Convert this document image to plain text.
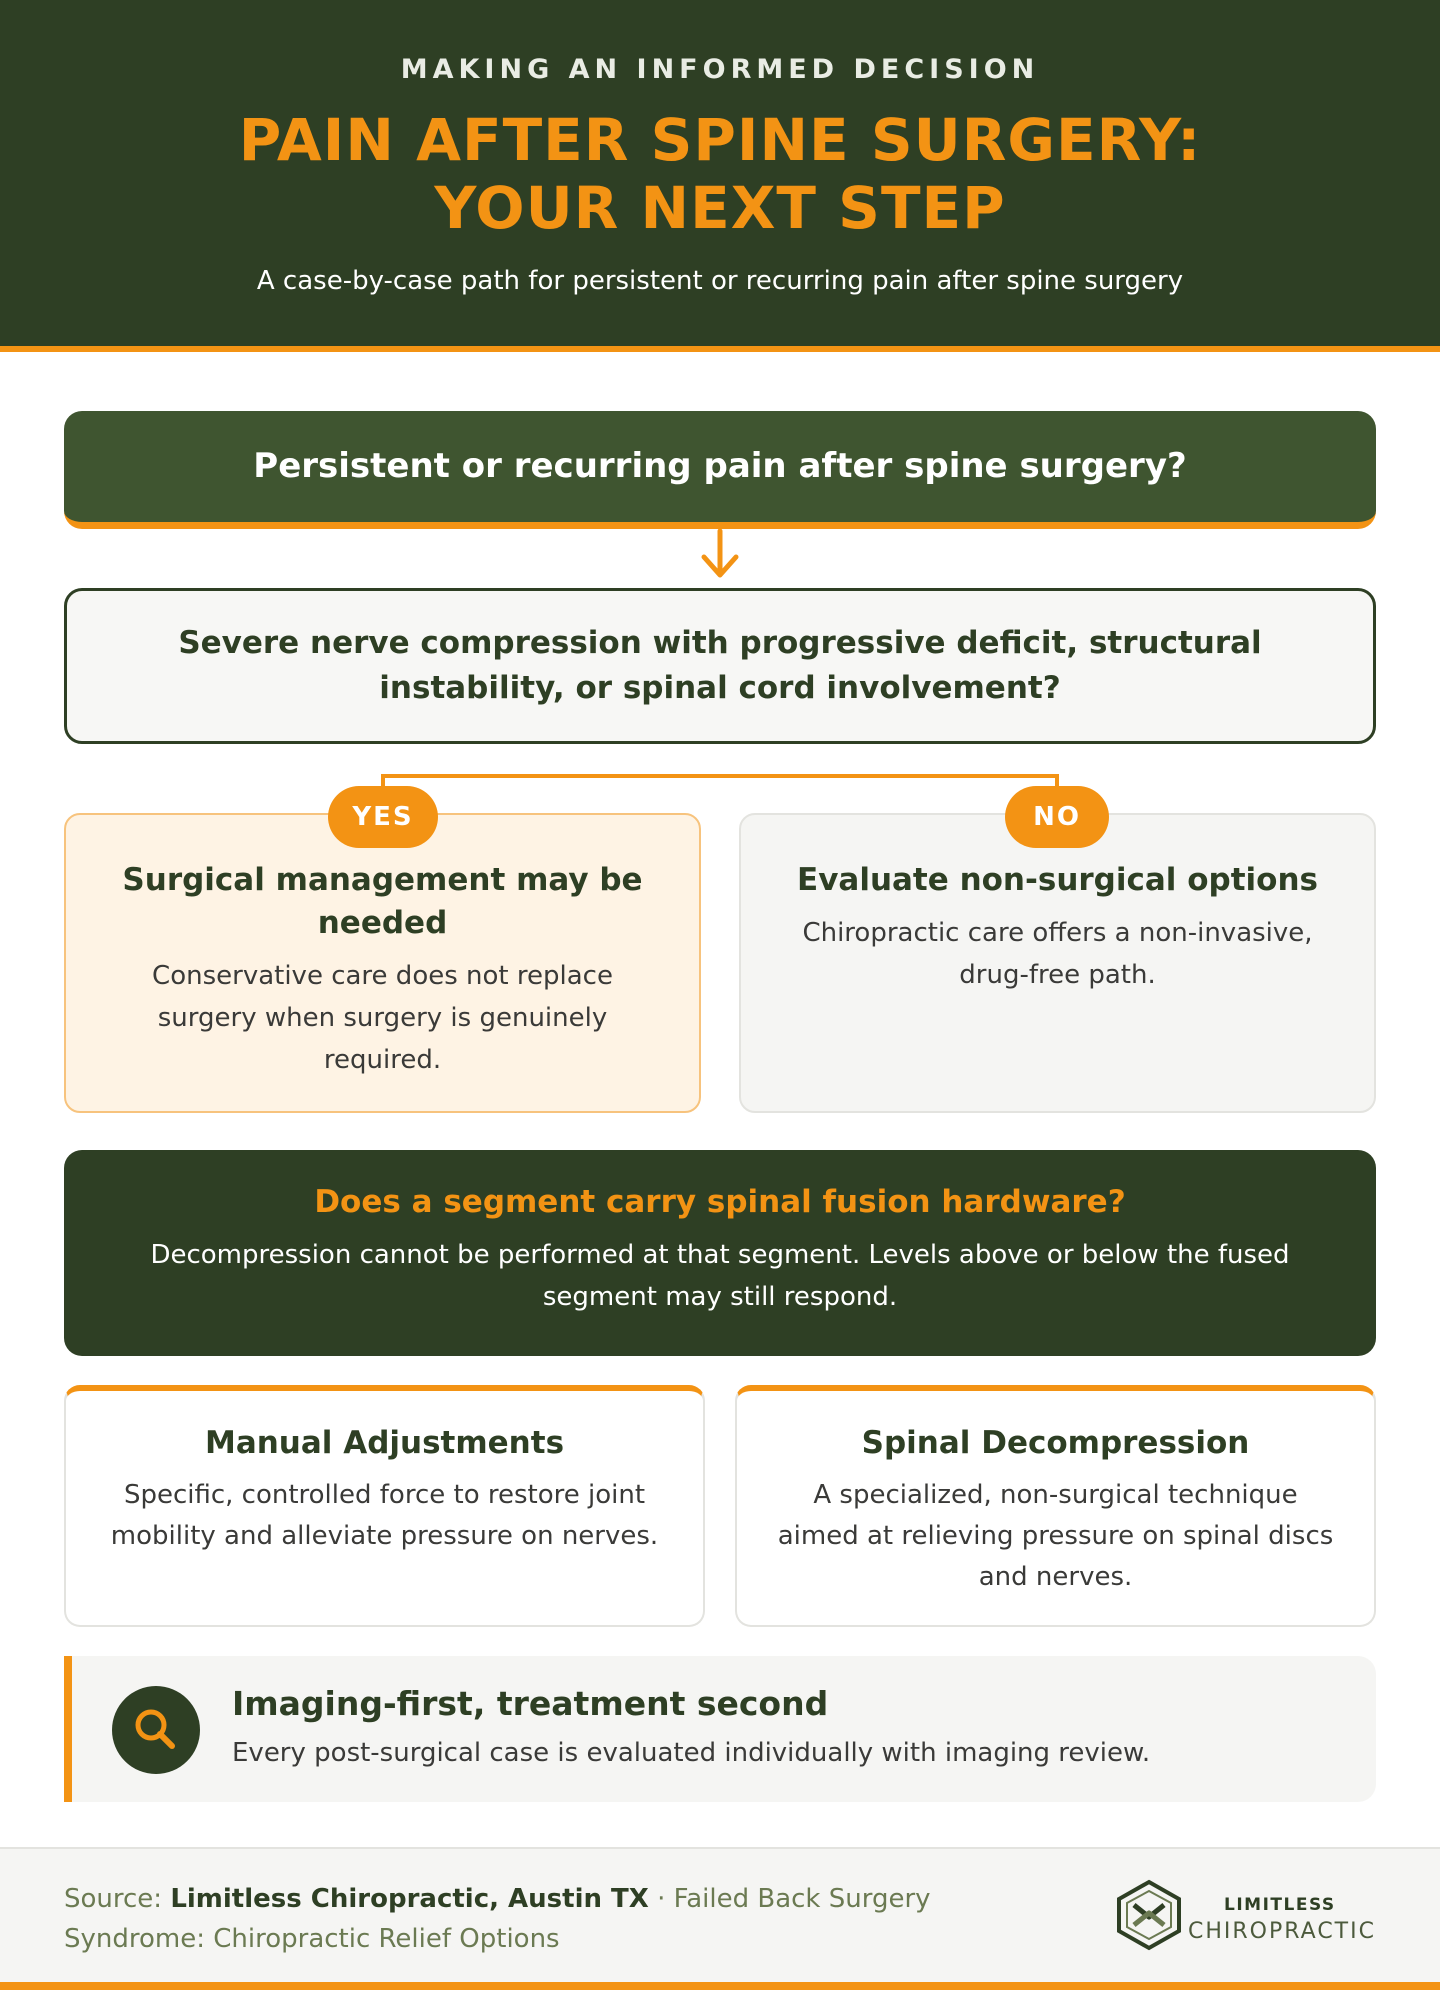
MAKING AN INFORMED DECISION
PAIN AFTER SPINE SURGERY:
YOUR NEXT STEP
A case-by-case path for persistent or recurring pain after spine surgery
Persistent or recurring pain after spine surgery?
Severe nerve compression with progressive deficit, structural instability, or spinal cord involvement?
Surgical management may be needed
Conservative care does not replace surgery when surgery is genuinely required.
Evaluate non-surgical options
Chiropractic care offers a non-invasive, drug-free path.
YES	NO
Does a segment carry spinal fusion hardware?
Decompression cannot be performed at that segment. Levels above or below the fused segment may still respond.
Manual Adjustments
Specific, controlled force to restore joint mobility and alleviate pressure on nerves.
Spinal Decompression
A specialized, non-surgical technique aimed at relieving pressure on spinal discs and nerves.
Imaging-first, treatment second
Every post-surgical case is evaluated individually with imaging review.
Source: Limitless Chiropractic, Austin TX · Failed Back Surgery Syndrome: Chiropractic Relief Options
LIMITLESS
CHIROPRACTIC
